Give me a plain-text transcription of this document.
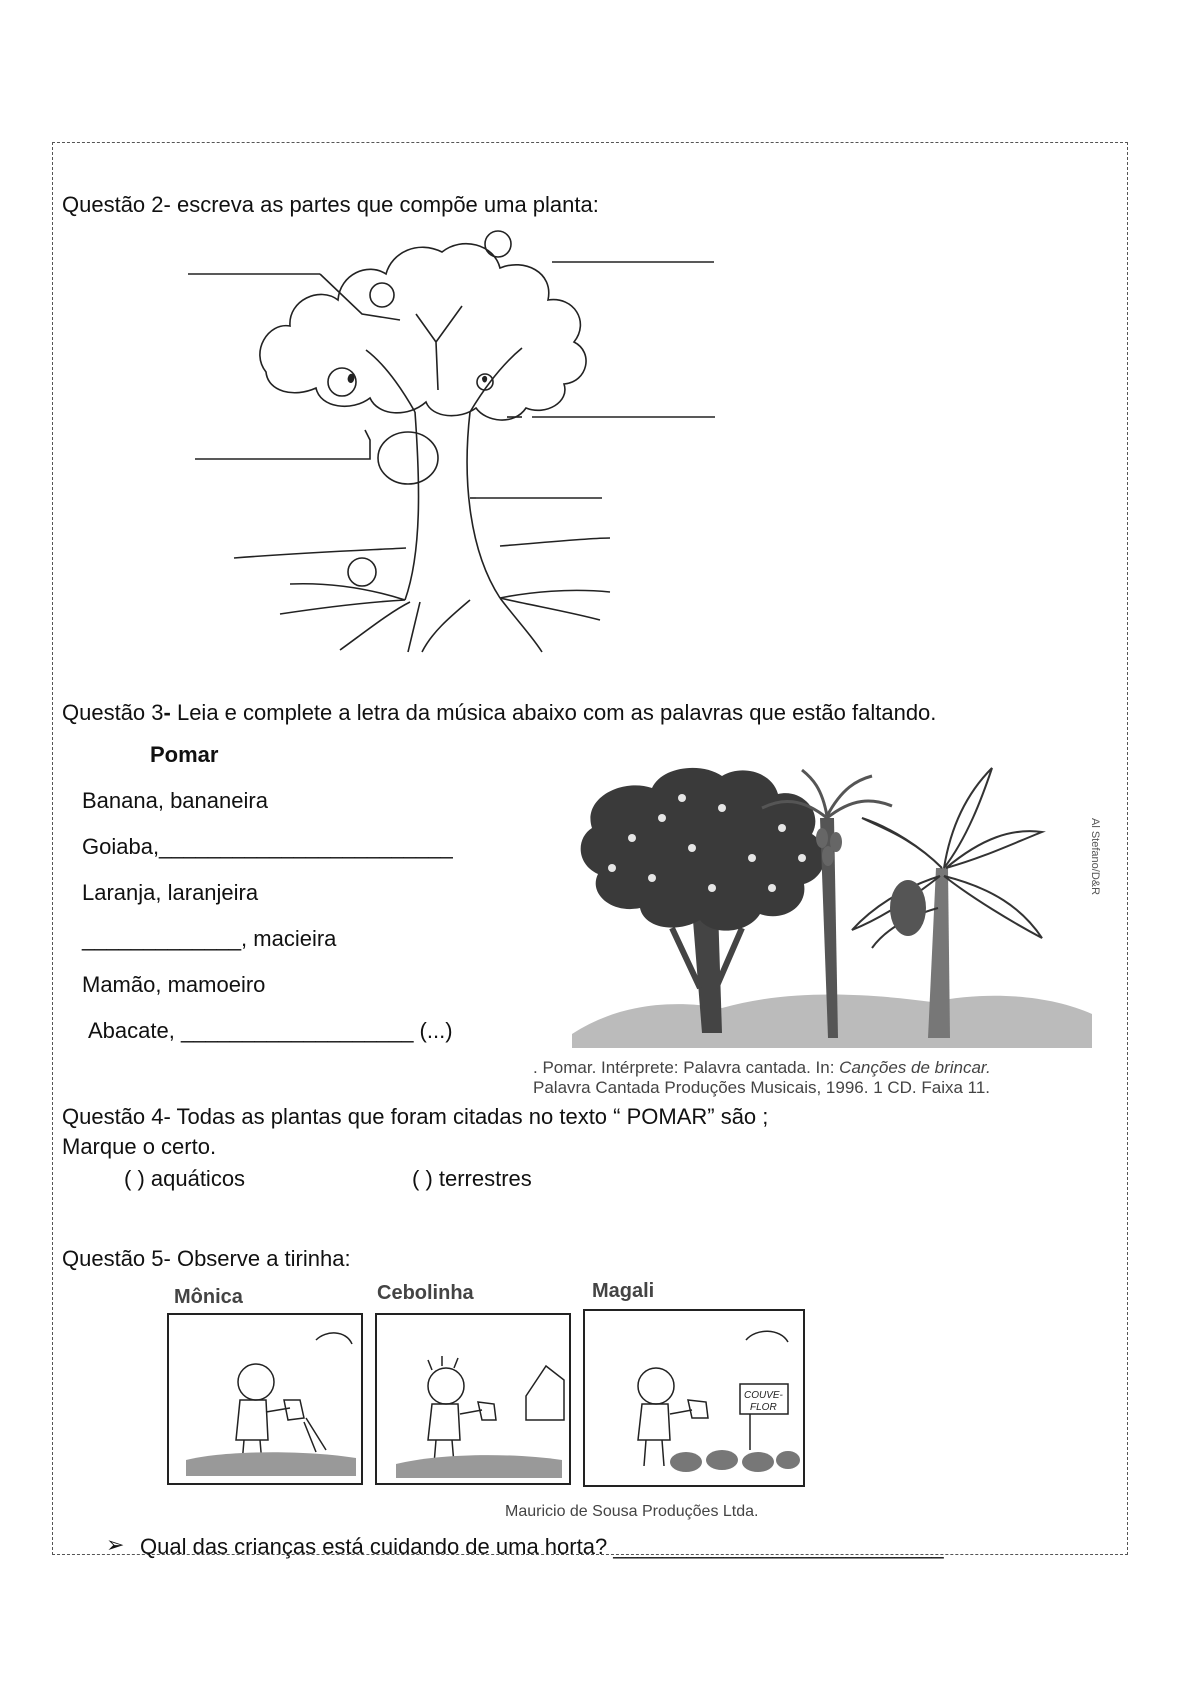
Questão 2- escreva as partes que compõe uma planta:
Questão 3- Leia e complete a letra da música abaixo com as palavras que estão faltando.
Pomar
Banana, bananeira
Goiaba,________________________
Laranja, laranjeira
_____________, macieira
Mamão, mamoeiro
Abacate, ___________________ (...)
Al Stefano/D&R
. Pomar. Intérprete: Palavra cantada. In: Canções de brincar.
Palavra Cantada Produções Musicais, 1996. 1 CD. Faixa 11.
Questão 4- Todas as plantas que foram citadas no texto “ POMAR” são ;
Marque o certo.
( ) aquáticos	( ) terrestres
Questão 5- Observe a tirinha:
Mônica	Cebolinha	Magali
COUVE-
FLOR
Mauricio de Sousa Produções Ltda.
➢ Qual das crianças está cuidando de uma horta? ___________________________
